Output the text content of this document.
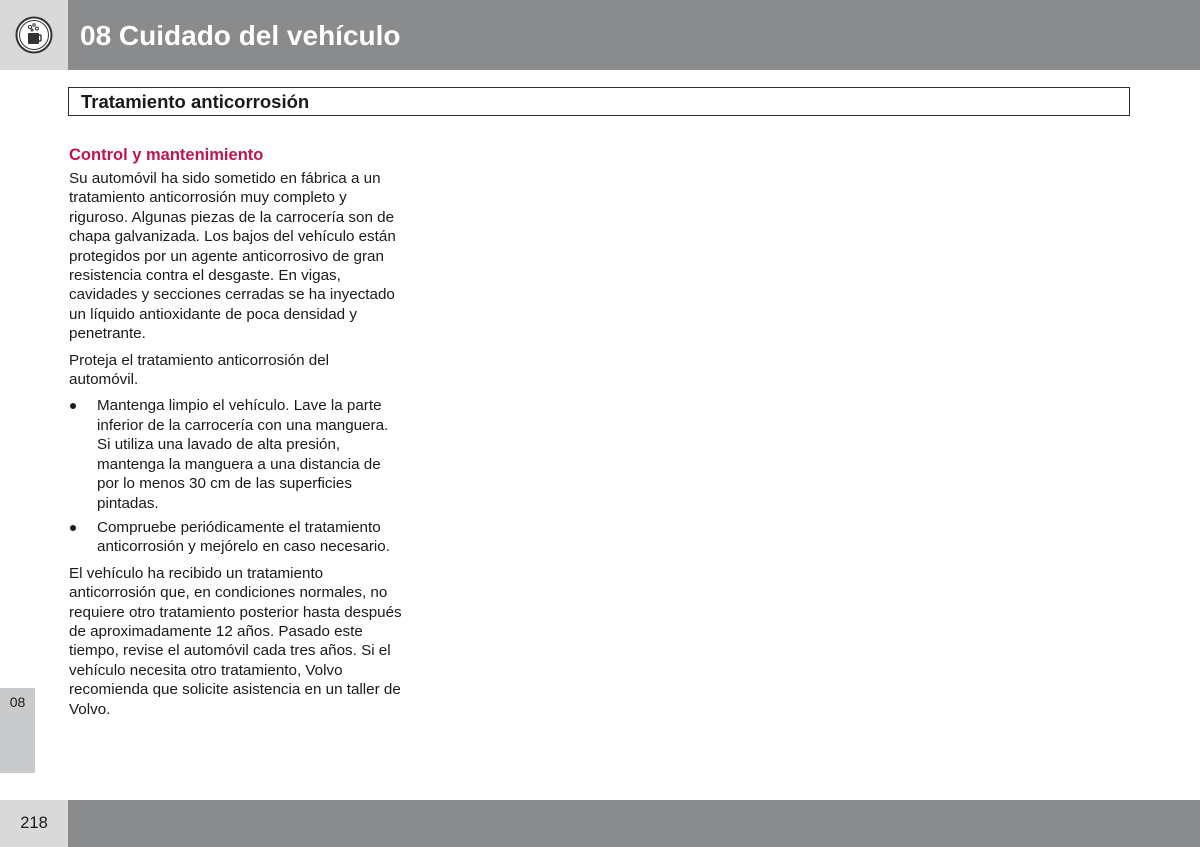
08 Cuidado del vehículo
Tratamiento anticorrosión
Control y mantenimiento

Su automóvil ha sido sometido en fábrica a un tratamiento anticorrosión muy completo y riguroso. Algunas piezas de la carrocería son de chapa galvanizada. Los bajos del vehículo están protegidos por un agente anticorrosivo de gran resistencia contra el desgaste. En vigas, cavidades y secciones cerradas se ha inyectado un líquido antioxidante de poca densidad y penetrante.

Proteja el tratamiento anticorrosión del automóvil.

Mantenga limpio el vehículo. Lave la parte inferior de la carrocería con una manguera. Si utiliza una lavado de alta presión, mantenga la manguera a una distancia de por lo menos 30 cm de las superficies pintadas.
Compruebe periódicamente el tratamiento anticorrosión y mejórelo en caso necesario.

El vehículo ha recibido un tratamiento anticorrosión que, en condiciones normales, no requiere otro tratamiento posterior hasta después de aproximadamente 12 años. Pasado este tiempo, revise el automóvil cada tres años. Si el vehículo necesita otro tratamiento, Volvo recomienda que solicite asistencia en un taller de Volvo.

08
218
